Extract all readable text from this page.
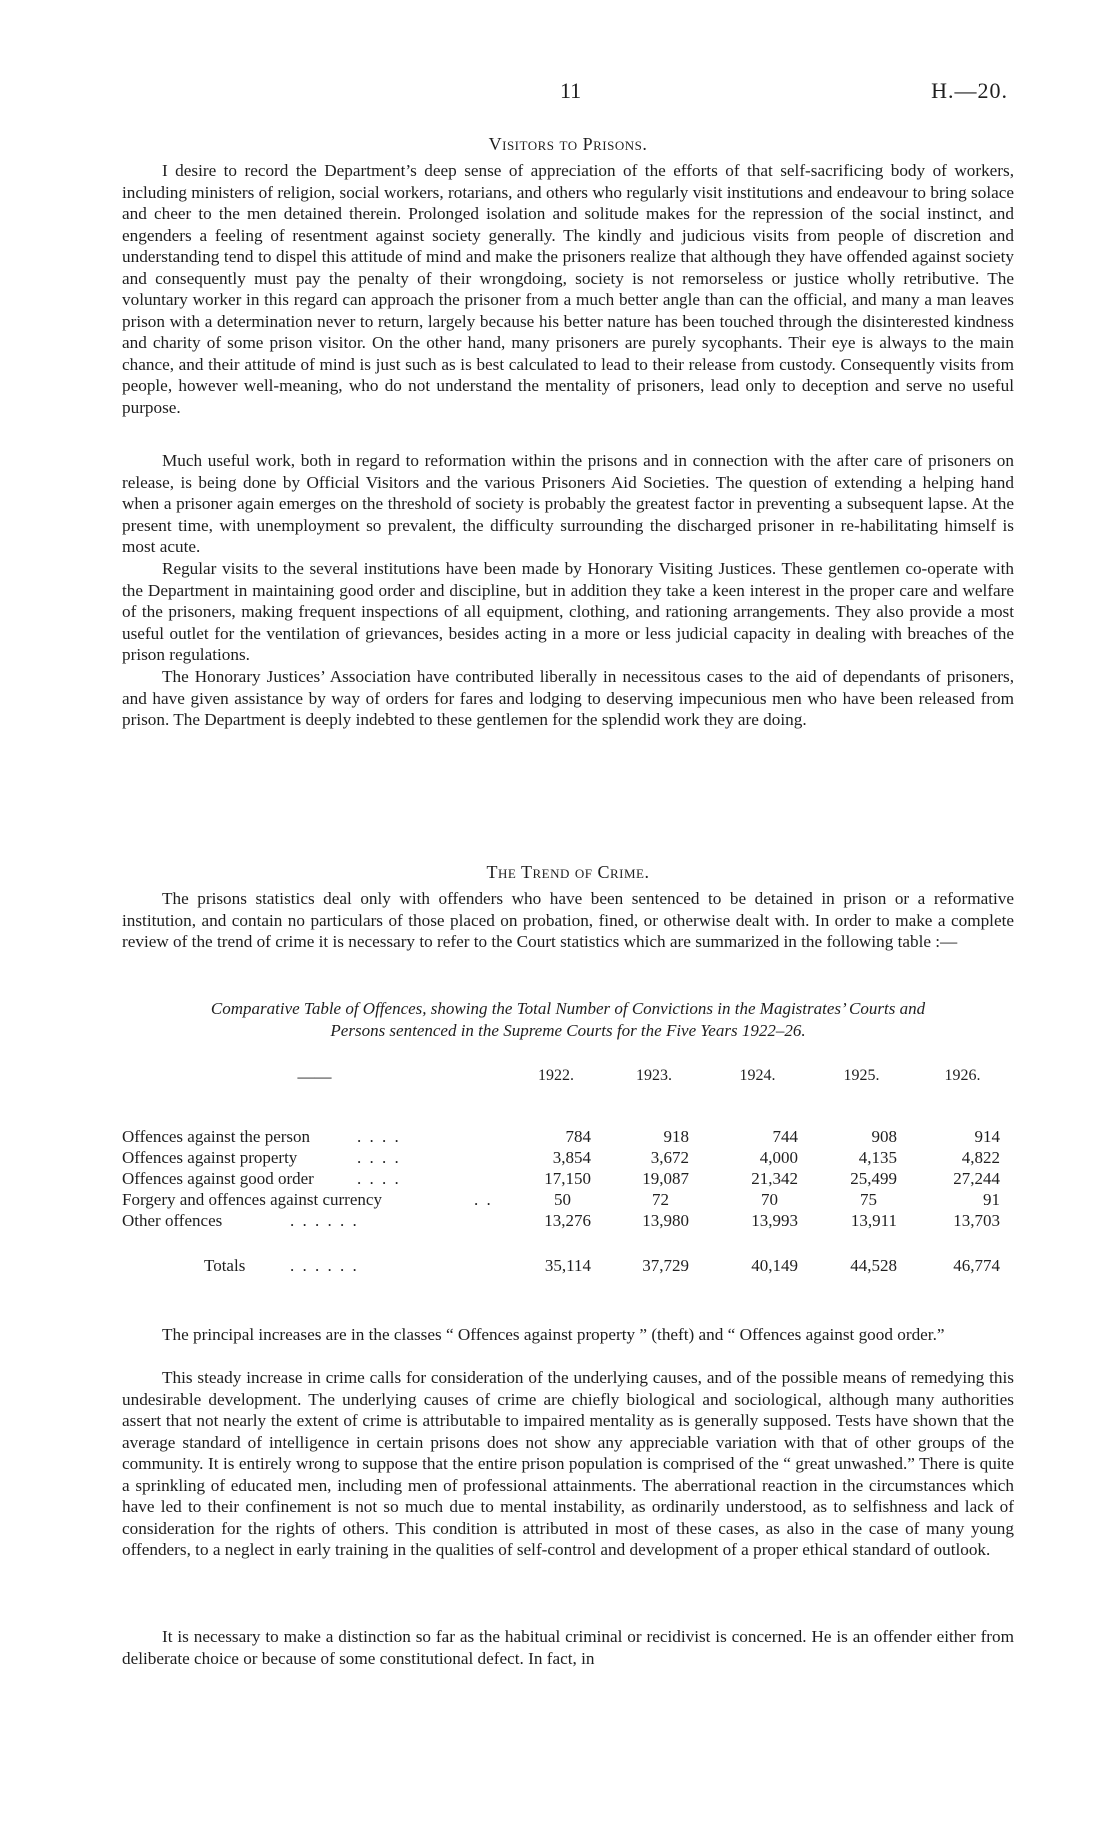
11	H.—20.
Visitors to Prisons.

I desire to record the Department’s deep sense of appreciation of the efforts of that self-sacrificing body of workers, including ministers of religion, social workers, rotarians, and others who regularly visit institutions and endeavour to bring solace and cheer to the men detained therein. Prolonged isolation and solitude makes for the repression of the social instinct, and engenders a feeling of resentment against society generally. The kindly and judicious visits from people of discretion and understanding tend to dispel this attitude of mind and make the prisoners realize that although they have offended against society and consequently must pay the penalty of their wrongdoing, society is not remorseless or justice wholly retributive. The voluntary worker in this regard can approach the prisoner from a much better angle than can the official, and many a man leaves prison with a determination never to return, largely because his better nature has been touched through the disinterested kindness and charity of some prison visitor. On the other hand, many prisoners are purely sycophants. Their eye is always to the main chance, and their attitude of mind is just such as is best calculated to lead to their release from custody. Consequently visits from people, however well-meaning, who do not understand the mentality of prisoners, lead only to deception and serve no useful purpose.

Much useful work, both in regard to reformation within the prisons and in connection with the after care of prisoners on release, is being done by Official Visitors and the various Prisoners Aid Societies. The question of extending a helping hand when a prisoner again emerges on the threshold of society is probably the greatest factor in preventing a subsequent lapse. At the present time, with unemployment so prevalent, the difficulty surrounding the discharged prisoner in re-habilitating himself is most acute.

Regular visits to the several institutions have been made by Honorary Visiting Justices. These gentlemen co-operate with the Department in maintaining good order and discipline, but in addition they take a keen interest in the proper care and welfare of the prisoners, making frequent inspections of all equipment, clothing, and rationing arrangements. They also provide a most useful outlet for the ventilation of grievances, besides acting in a more or less judicial capacity in dealing with breaches of the prison regulations.

The Honorary Justices’ Association have contributed liberally in necessitous cases to the aid of dependants of prisoners, and have given assistance by way of orders for fares and lodging to deserving impecunious men who have been released from prison. The Department is deeply indebted to these gentlemen for the splendid work they are doing.

The Trend of Crime.

The prisons statistics deal only with offenders who have been sentenced to be detained in prison or a reformative institution, and contain no particulars of those placed on probation, fined, or otherwise dealt with. In order to make a complete review of the trend of crime it is necessary to refer to the Court statistics which are summarized in the following table :—

Comparative Table of Offences, showing the Total Number of Convictions in the Magistrates’ Courts and

Persons sentenced in the Supreme Courts for the Five Years 1922–26.

——	1922.	1923.	1924.	1925.	1926.
Offences against the person	. . . .	784	918	744	908	914
Offences against property	. . . .	3,854	3,672	4,000	4,135	4,822
Offences against good order	. . . .	17,150	19,087	21,342	25,499	27,244
Forgery and offences against currency	. .	50	72	70	75	91
Other offences	. . . . . .	13,276	13,980	13,993	13,911	13,703
Totals	. . . . . .	35,114	37,729	40,149	44,528	46,774

The principal increases are in the classes “ Offences against property ” (theft) and “ Offences against good order.”

This steady increase in crime calls for consideration of the underlying causes, and of the possible means of remedying this undesirable development. The underlying causes of crime are chiefly biological and sociological, although many authorities assert that not nearly the extent of crime is attributable to impaired mentality as is generally supposed. Tests have shown that the average standard of intelligence in certain prisons does not show any appreciable variation with that of other groups of the community. It is entirely wrong to suppose that the entire prison population is comprised of the “ great unwashed.” There is quite a sprinkling of educated men, including men of professional attainments. The aberrational reaction in the circumstances which have led to their confinement is not so much due to mental instability, as ordinarily understood, as to selfishness and lack of consideration for the rights of others. This condition is attributed in most of these cases, as also in the case of many young offenders, to a neglect in early training in the qualities of self-control and development of a proper ethical standard of outlook.

It is necessary to make a distinction so far as the habitual criminal or recidivist is concerned. He is an offender either from deliberate choice or because of some constitutional defect. In fact, in
